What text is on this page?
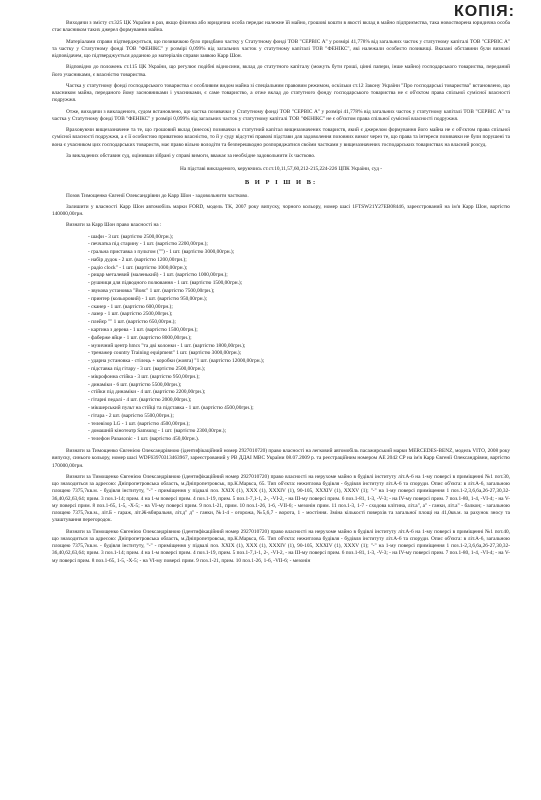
КОПІЯ:

Виходячи з змісту ст.325 ЦК України в раз, якщо фізична або юридична особа передає належне їй майно, грошові кошти в якості вклад в майно підприємства, така новостворена юридична особа стає власником таких джерел формування майна.

Матеріалами справи підтверджується, що позивачкою було придбано частку у Статутному фонді ТОВ "СЕРВІС А" у розмірі 41,778% від загальних часток у статутному капіталі ТОВ "СЕРВІС А" та частку у Статутному фонді ТОВ "ФЕНІКС" у розмірі 0,099% від загальних часток у статутному капіталі ТОВ "ФЕНІКС", які належали особисто позивачці. Вказані обставини були визнані відповідачем, що підтверджується доданою до матеріалів справи заявою Карр Шон.

Відповідно до положень ст.115 ЦК України, що регулює подібні відносини, вклад до статутного капіталу (можуть бути гроші, цінні папери, інше майно) господарського товариства, переданий його учасниками, є власністю товариства.

Частка у статутному фонді господарського товариства є особливим видом майна зі спеціальним правовим режимом, оскільки ст.12 Закону України "Про господарські товариства" встановлено, що власником майна, переданого йому засновниками і учасниками, є саме товариство, а отже вклад до статутного фонду господарського товариства не є об'єктом права спільної сумісної власності подружжя.

Отже, виходячи з викладеного, судом встановлено, що частка позивачки у Статутному фонді ТОВ "СЕРВІС А" у розмірі 41,778% від загальних часток у статутному капіталі ТОВ "СЕРВІС А" та частка у Статутному фонді ТОВ "ФЕНІКС" у розмірі 0,099% від загальних часток у статутному капіталі ТОВ "ФЕНІКС" не є об'єктом права спільної сумісної власності подружжя.

Враховуючи вищезазначене та те, що грошовий вклад (внесок) позивачки в статутний капітал вищезазначених товариств, який є джерелом формування його майна не є об'єктом права спільної сумісної власності подружжя, а є її особистою приватною власністю, то й у суду відсутні правові підстави для задоволення позовних вимог через те, що права та інтереси позивачки не були порушені та вона є учасником цих господарських товариств, має право вільно володіти та безперешкодно розпоряджатися своїми частками у вищезазначених господарських товариствах на власний розсуд.

За викладених обставин суд, оцінивши зібрані у справі вимоги, вважає за необхідне задовольнити їх частково.

На підставі викладеного, керуючись ст.ст.10,11,57,60,212-215,224-226 ЦПК України, суд -

В И Р І Ш И В:

Позов Тимощенко Євгенії Олександрівни до Карр Шон - задовольнити частково.

Залишити у власності Карр Шон автомобіль марки FORD, модель TK, 2007 року випуску, чорного кольору, номер шасі 1FTSW21Y27EB08446, зареєстрований на ім'я Карр Шон, вартістю 140000,00грн.

Визнати за Карр Шон право власності на :

- шафи - 3 шт. (вартістю 2500,00грн.);
- печчатка під старину - 1 шт. (вартістю 2200,00грн.);
- гральна приставка з пультом ("") - 1 шт. (вартістю 3000,00грн.);
- набір дудок - 2 шт. (вартістю 1200,00грн.);
- радіо clock" - 1 шт. (вартістю 1000,00грн.);
- рицар металевий (маленький) - 1 шт. (вартістю 1000,00грн.);
- рушниця для підводного полювання - 1 шт. (вартістю 1500,00грн.);
- звукова установка "Вояс" 1 шт. (вартістю 7500,00грн.);
- принтер (кольоровий) - 1 шт. (вартістю 950,00грн.);
- сканер - 1 шт. (вартістю 600,00грн.);
- лазер - 1 шт. (вартістю 2500,00грн.);
- плейєр "" 1 шт. (вартістю 650,00грн.);
- картина з дерева - 1 шт. (вартістю 1500,00грн.);
- фаберже яйце - 1 шт. (вартістю 8000,00грн.);
- музичний центр hmcs "та дві колонки - 1 шт. (вартістю 1800,00грн.);
- тренажер country Training equipment" 1 шт. (вартістю 3000,00грн.);
- ударна установка - стілець + коробки (жовта) "1 шт. (вартістю 12000,00грн.);
- підставка під гітару - 3 шт. (вартістю 2500,00грн.);
- мікрофонна стійка - 3 шт. (вартістю 950,00грн.);
- динаміки - 6 шт. (вартістю 5500,00грн.);
- стійки під динаміки - 4 шт. (вартістю 2200,00грн.);
- гітарні педалі - 4 шт. (вартістю 2000,00грн.);
- мікшерський пульт на стійці та підставка - 1 шт. (вартістю 4500,00грн.);
- гітара - 2 шт. (вартістю 5500,00грн.);
- телевізор LG - 1 шт. (вартістю 4500,00грн.);
- домашній кінотеатр Samsung - 1 шт. (вартістю 2300,00грн.);
- телефон Panasonic - 1 шт. (вартістю 450,00грн.).

Визнати за Тимощенко Євгенією Олександрівною (ідентифікаційний номер 2927010720) право власності на легковий автомобіль пасажирський марки MERCEDES-BENZ, модель VITO, 2008 року випуску, синього кольору, номер шасі WDF63970313463967, зареєстрований у РВ ДДАІ МВС України 08.07.2009 р. та реєстраційним номером АЕ 2042 СР на ім'я Карр Євгенії Олександрівни, вартістю 170000,00грн.

Визнати за Тимощенко Євгенією Олександрівною (ідентифікаційний номер 2927010720) право власності на нерухоме майно в будівлі інституту літ.А-6 на 1-му поверсі в приміщенні №1 пот.30, що знаходиться за адресою: Дніпропетровська область, м.Дніпропетровськ, пр.К.Маркса, 65. Тип об'єкта: нежитлова будівля - будівля інституту літ.А-6 та споруди. Опис об'єкта: в літ.А-6, загальною площею 7375,7кв.м. - будівля інституту, "-" - приміщення у підвалі поз. XXIX (1), XXX (1), XXXIV (1), 90-105, XXXIV (1), XXXV (1); "-" на 1-му поверсі приміщення 1 поз.1-2,3,6,6а,26-27,30,32-36,40,62,63,64; прим. 3 поз.1-14; прим. 4 на 1-м поверсі прим. 4 поз.1-19, прим. 5 поз.1-7,1-1, 2-, -VI-2, - на III-му поверсі прим. 6 поз.1-81, 1-3, -V-3; - на IV-му поверсі прим. 7 поз.1-80, 1-4, -VI-4; - на V-му поверсі прим. 8 поз.1-65, 1-5, -X-5; - на VI-му поверсі прим. 9 поз.1-21, прим. 10 поз.1-26, 1-6, -VII-6; - мезонін прим. 11 поз.1-3, 1-7 - сходова клітина, літ.а", а" - ганки, літ.а" - балкон; - загальною площею 7375,7кв.м., літ.Б - гараж, літ.Ж-вбиральня, літ.д" д" - ганки, №1-4 - огорожа, №5,6,7 - ворота, 1 - мостіння. Зміна кількості поверхів та загальної площі на 41,0кв.м. за рахунок зносу та улаштування перегородок.

Визнати за Тимощенко Євгенією Олександрівною (ідентифікаційний номер 2927010720) право власності на нерухоме майно в будівлі інституту літ.А-6 на 1-му поверсі в приміщенні №1 пот.40, що знаходиться за адресою: Дніпропетровська область, м.Дніпропетровськ, пр.К.Маркса, 65. Тип об'єкта: нежитлова будівля - будівля інституту літ.А-6 та споруди. Опис об'єкта: в літ.А-6, загальною площею 7375,7кв.м. - будівля інституту, "-" - приміщення у підвалі поз. XXIX (1), XXX (1), XXXIV (1), 90-105, XXXIV (1), XXXV (1); "-" на 1-му поверсі приміщення 1 поз.1-2,3,6,6а,26-27,30,32-36,40,62,63,64; прим. 3 поз.1-14; прим. 4 на 1-м поверсі прим. 4 поз.1-19, прим. 5 поз.1-7,1-1, 2-, -VI-2, - на III-му поверсі прим. 6 поз.1-81, 1-3, -V-3; - на IV-му поверсі прим. 7 поз.1-80, 1-4, -VI-4; - на V-му поверсі прим. 8 поз.1-65, 1-5, -X-5; - на VI-му поверсі прим. 9 поз.1-21, прим. 10 поз.1-26, 1-6, -VII-6; - мезонін
